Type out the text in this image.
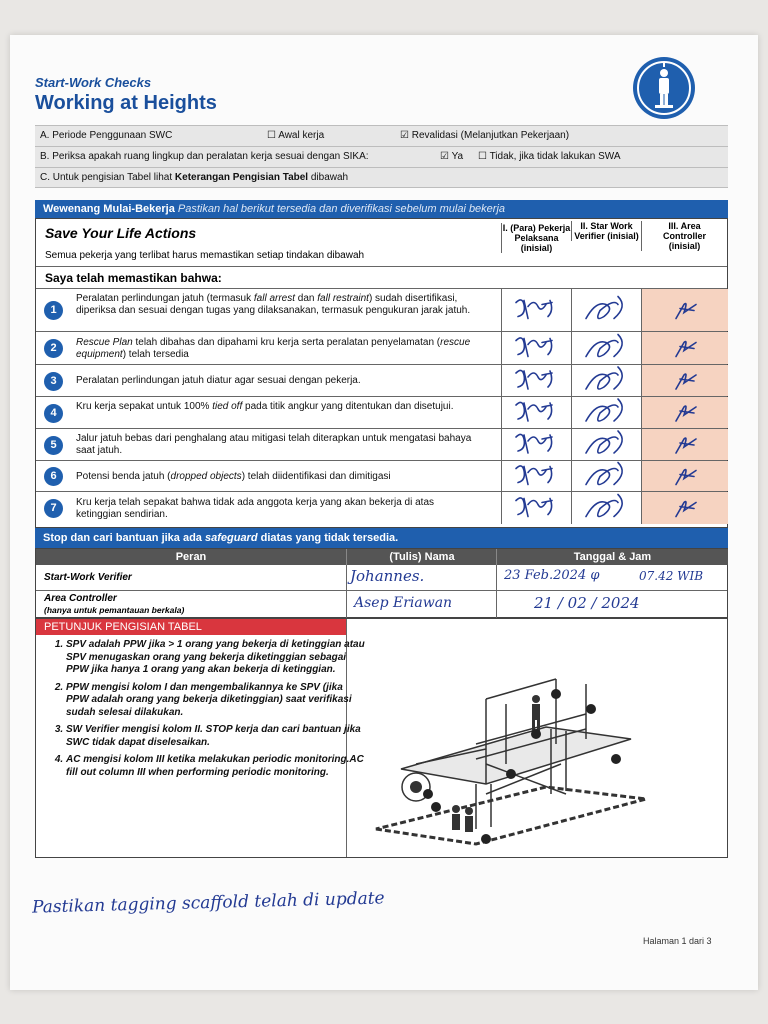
Start-Work Checks
Working at Heights
A. Periode Penggunaan SWC	☐ Awal kerja	☑ Revalidasi (Melanjutkan Pekerjaan)
B. Periksa apakah ruang lingkup dan peralatan kerja sesuai dengan SIKA:	☑ Ya ☐ Tidak, jika tidak lakukan SWA
C. Untuk pengisian Tabel lihat Keterangan Pengisian Tabel dibawah
Wewenang Mulai-Bekerja Pastikan hal berikut tersedia dan diverifikasi sebelum mulai bekerja
Save Your Life Actions
Semua pekerja yang terlibat harus memastikan setiap tindakan dibawah
I. (Para) Pekerja Pelaksana (inisial)
II. Star Work Verifier (inisial)
III. Area Controller (inisial)
Saya telah memastikan bahwa:
1
Peralatan perlindungan jatuh (termasuk fall arrest dan fall restraint) sudah disertifikasi, diperiksa dan sesuai dengan tugas yang dilaksanakan, termasuk pengukuran jarak jatuh.
2	Rescue Plan telah dibahas dan dipahami kru kerja serta peralatan penyelamatan (rescue equipment) telah tersedia
3	Peralatan perlindungan jatuh diatur agar sesuai dengan pekerja.
4
Kru kerja sepakat untuk 100% tied off pada titik angkur yang ditentukan dan disetujui.
5
Jalur jatuh bebas dari penghalang atau mitigasi telah diterapkan untuk mengatasi bahaya saat jatuh.
6	Potensi benda jatuh (dropped objects) telah diidentifikasi dan dimitigasi
7	Kru kerja telah sepakat bahwa tidak ada anggota kerja yang akan bekerja di atas ketinggian sendirian.
Stop dan cari bantuan jika ada safeguard diatas yang tidak tersedia.
Peran	(Tulis) Nama	Tanggal & Jam
Start-Work Verifier	Johannes.	23 Feb.2024 φ	07.42 WIB
Area Controller
(hanya untuk pemantauan berkala)	Asep Eriawan	21 / 02 / 2024
PETUNJUK PENGISIAN TABEL
1. SPV adalah PPW jika > 1 orang yang bekerja di ketinggian atau SPV menugaskan orang yang bekerja diketinggian sebagai PPW jika hanya 1 orang yang akan bekerja di ketinggian.
2. PPW mengisi kolom I dan mengembalikannya ke SPV (jika PPW adalah orang yang bekerja diketinggian) saat verifikasi sudah selesai dilakukan.
3. SW Verifier mengisi kolom II. STOP kerja dan cari bantuan jika SWC tidak dapat diselesaikan.
4. AC mengisi kolom III ketika melakukan periodic monitoring.AC fill out column III when performing periodic monitoring.
Pastikan tagging scaffold telah di update
Halaman 1 dari 3
